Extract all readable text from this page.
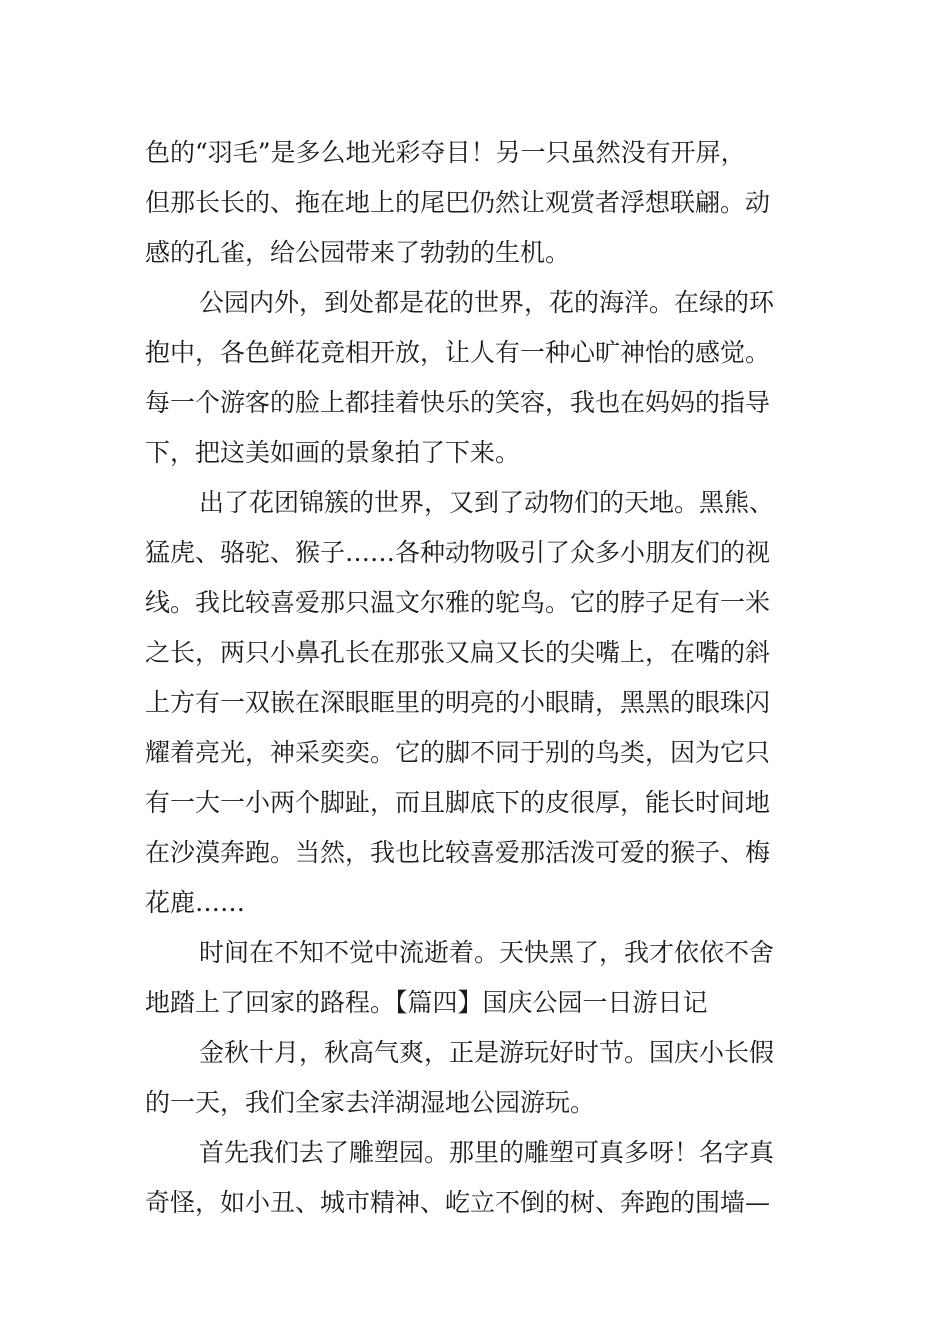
色的“羽毛”是多么地光彩夺目！另一只虽然没有开屏，
但那长长的、拖在地上的尾巴仍然让观赏者浮想联翩。动
感的孔雀，给公园带来了勃勃的生机。
公园内外，到处都是花的世界，花的海洋。在绿的环
抱中，各色鲜花竞相开放，让人有一种心旷神怡的感觉。
每一个游客的脸上都挂着快乐的笑容，我也在妈妈的指导
下，把这美如画的景象拍了下来。
出了花团锦簇的世界，又到了动物们的天地。黑熊、
猛虎、骆驼、猴子……各种动物吸引了众多小朋友们的视
线。我比较喜爱那只温文尔雅的鸵鸟。它的脖子足有一米
之长，两只小鼻孔长在那张又扁又长的尖嘴上，在嘴的斜
上方有一双嵌在深眼眶里的明亮的小眼睛，黑黑的眼珠闪
耀着亮光，神采奕奕。它的脚不同于别的鸟类，因为它只
有一大一小两个脚趾，而且脚底下的皮很厚，能长时间地
在沙漠奔跑。当然，我也比较喜爱那活泼可爱的猴子、梅
花鹿……
时间在不知不觉中流逝着。天快黑了，我才依依不舍
地踏上了回家的路程。【篇四】国庆公园一日游日记
金秋十月，秋高气爽，正是游玩好时节。国庆小长假
的一天，我们全家去洋湖湿地公园游玩。
首先我们去了雕塑园。那里的雕塑可真多呀！名字真
奇怪，如小丑、城市精神、屹立不倒的树、奔跑的围墙—
